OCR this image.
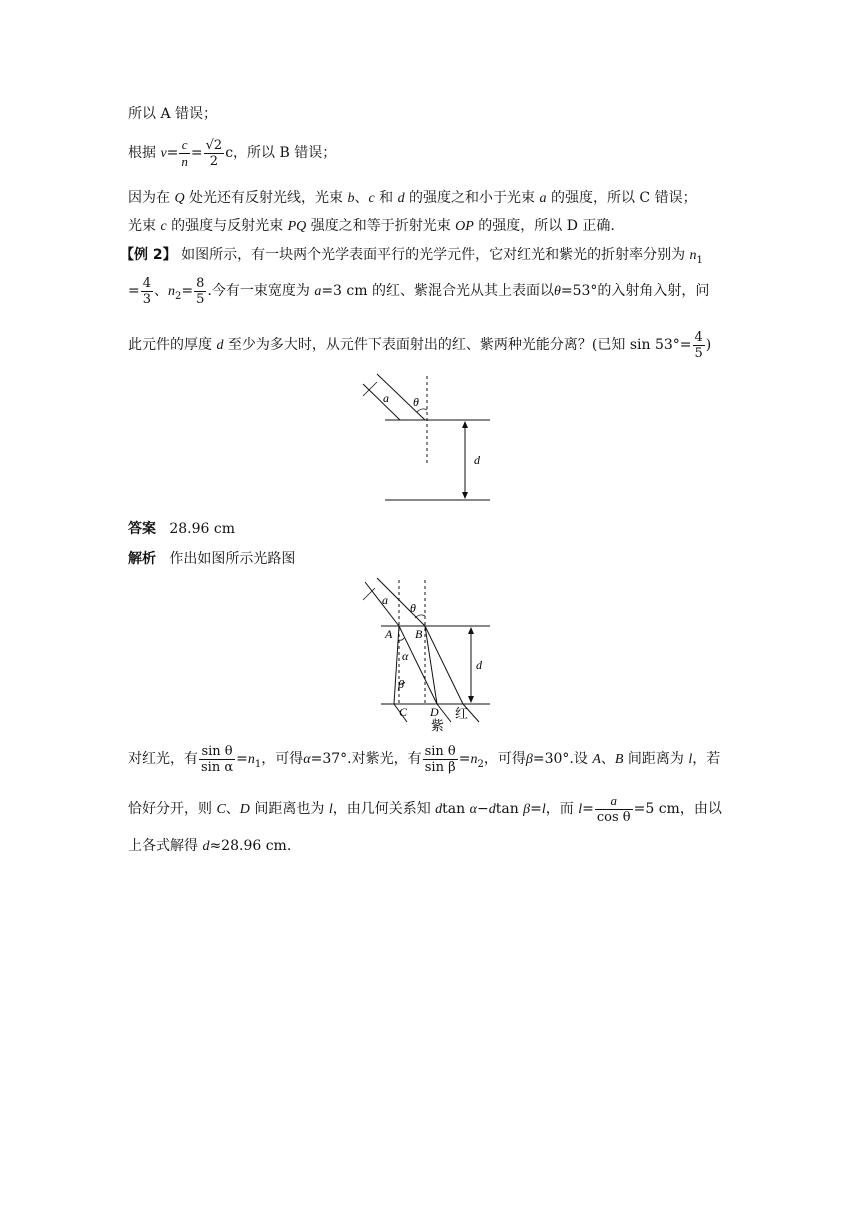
所以 A 错误；
根据 $v= \frac{c}{n} = \frac{√2}{2}$ c，所以 B 错误；
因为在 Q 处光还有反射光线，光束 b、c 和 d 的强度之和小于光束 a 的强度，所以 C 错误；
光束 c 的强度与反射光束 PQ 强度之和等于折射光束 OP 的强度，所以 D 正确.
【例 2】 如图所示，有一块两个光学表面平行的光学元件，它对红光和紫光的折射率分别为 $n_1$
= $\frac{4}{3}$ 、$n_2= \frac{8}{5}$ .今有一束宽度为 a=3 cm 的红、紫混合光从其上表面以θ=53°的入射角入射，问
此元件的厚度 d 至少为多大时，从元件下表面射出的红、紫两种光能分离？(已知 $\sin 53^\circ= \frac{4}{5}$ )
a θ
d
答案 28.96 cm
解析 作出如图所示光路图
a
θ
A B
α
β
C D
d
紫
红
对红光，有 $\frac{\text{sin θ}}{\text{sin α}} =n_1$，可得α=37°.对紫光，有 $\frac{\text{sin θ}}{\text{sin β}} =n_2$，可得β=30°.设 A、B 间距离为 l，若
恰好分开，则 C、D 间距离也为 l，由几何关系知 dtan α−dtan β=l，而 $l= \frac{a}{\text{cos θ}} =5$ cm，由以
上各式解得 d≈28.96 cm.
